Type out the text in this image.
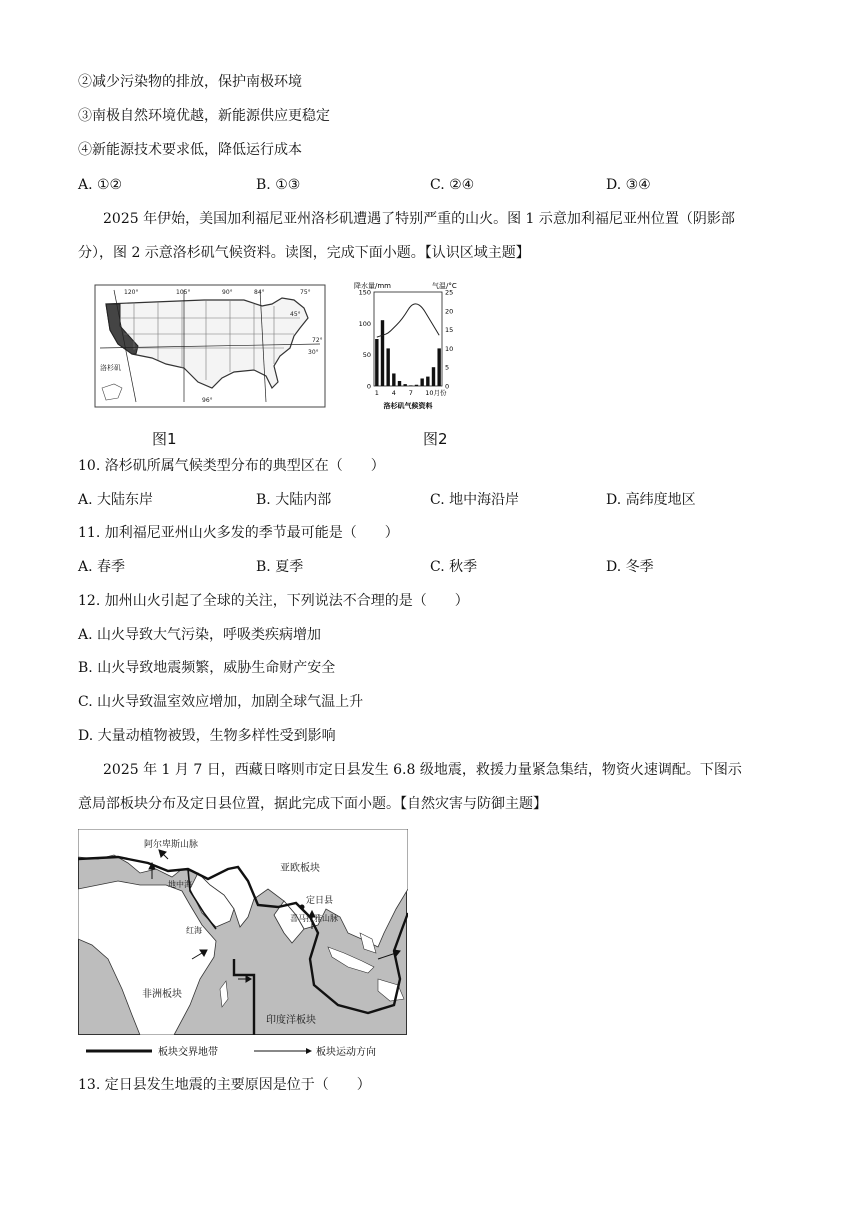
②减少污染物的排放，保护南极环境
③南极自然环境优越，新能源供应更稳定
④新能源技术要求低，降低运行成本
A. ①②	B. ①③	C. ②④	D. ③④
2025 年伊始，美国加利福尼亚州洛杉矶遭遇了特别严重的山火。图 1 示意加利福尼亚州位置（阴影部
分），图 2 示意洛杉矶气候资料。读图，完成下面小题。【认识区域主题】
120°	105°	90°	84°	75°
45°
96°
72°
30°
洛杉矶
图1
降水量/mm	气温/°C
150
100
50
0
25
20
15
10
5
0
1 4 7 10月份
洛杉矶气候资料
图2
10. 洛杉矶所属气候类型分布的典型区在（　　）
A. 大陆东岸	B. 大陆内部	C. 地中海沿岸	D. 高纬度地区
11. 加利福尼亚州山火多发的季节最可能是（　　）
A. 春季	B. 夏季	C. 秋季	D. 冬季
12. 加州山火引起了全球的关注，下列说法不合理的是（　　）
A. 山火导致大气污染，呼吸类疾病增加
B. 山火导致地震频繁，威胁生命财产安全
C. 山火导致温室效应增加，加剧全球气温上升
D. 大量动植物被毁，生物多样性受到影响
2025 年 1 月 7 日，西藏日喀则市定日县发生 6.8 级地震，救援力量紧急集结，物资火速调配。下图示
意局部板块分布及定日县位置，据此完成下面小题。【自然灾害与防御主题】
阿尔卑斯山脉
亚欧板块
定日县
喜马拉雅山脉
地中海
红海
非洲板块
印度洋板块
板块交界地带	板块运动方向
13. 定日县发生地震的主要原因是位于（　　）
